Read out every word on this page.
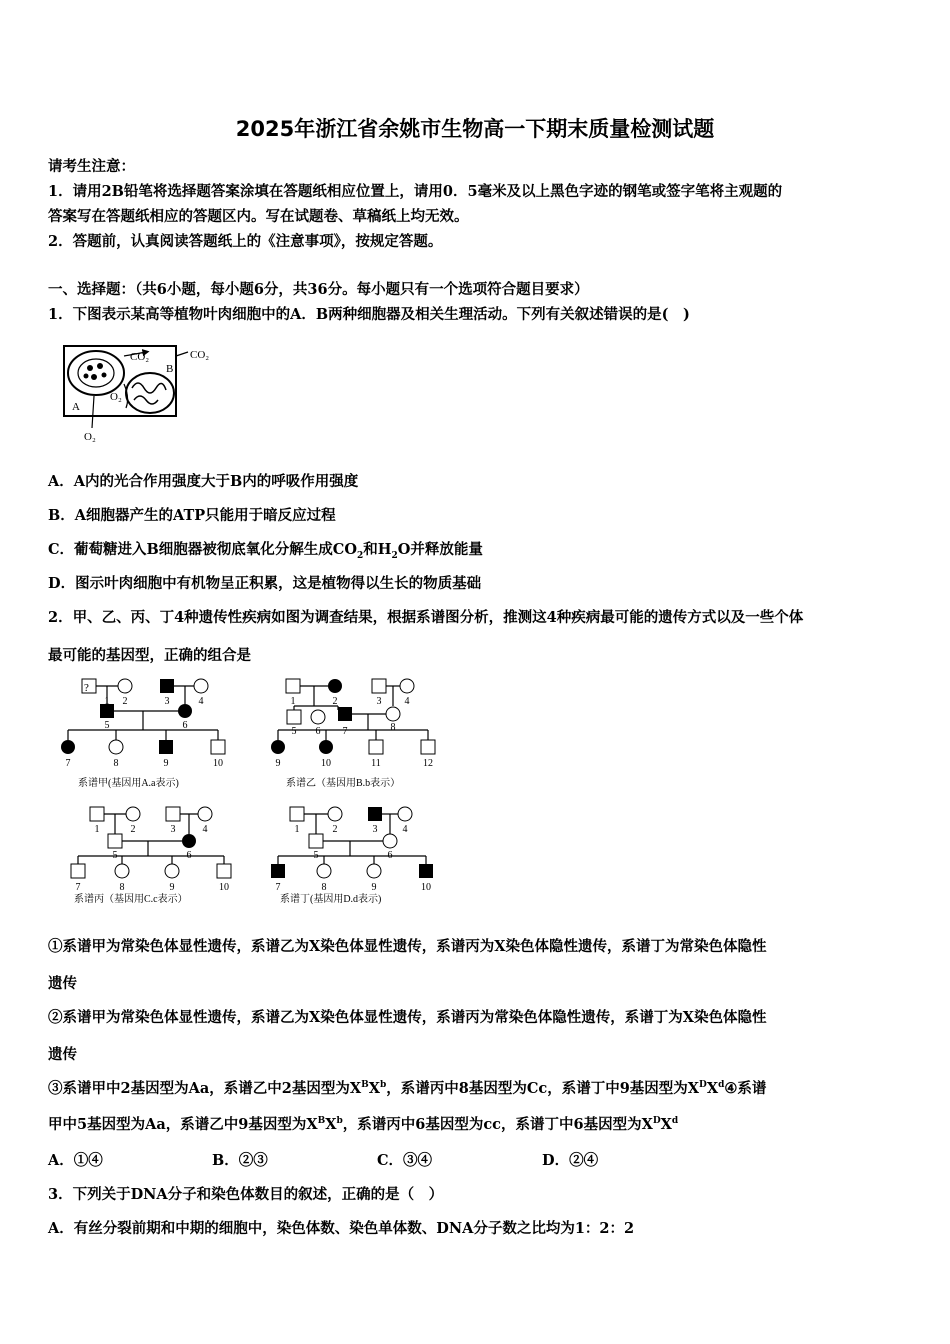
2025年浙江省余姚市生物高一下期末质量检测试题
请考生注意：
1．请用2B铅笔将选择题答案涂填在答题纸相应位置上，请用0．5毫米及以上黑色字迹的钢笔或签字笔将主观题的
答案写在答题纸相应的答题区内。写在试题卷、草稿纸上均无效。
2．答题前，认真阅读答题纸上的《注意事项》，按规定答题。
一、选择题：（共6小题，每小题6分，共36分。每小题只有一个选项符合题目要求）
1．下图表示某高等植物叶肉细胞中的A．B两种细胞器及相关生理活动。下列有关叙述错误的是(　)
CO₂	CO₂
B
A
O₂
O₂
A．A内的光合作用强度大于B内的呼吸作用强度
B．A细胞器产生的ATP只能用于暗反应过程
C．葡萄糖进入B细胞器被彻底氧化分解生成$CO_2$和$H_2O$并释放能量
D．图示叶肉细胞中有机物呈正积累，这是植物得以生长的物质基础
2．甲、乙、丙、丁4种遗传性疾病如图为调查结果，根据系谱图分析，推测这4种疾病最可能的遗传方式以及一些个体
最可能的基因型，正确的组合是
?
1 2	3	4
5	6
7	8	9	10
1	2	3 4
5 6 7	8
9	10	11	12
1	2	3	4
5	6
7	8	9	10
1	2	3	4
5	6
7	8	9	10
系谱甲(基因用A.a表示)	系谱乙（基因用B.b表示）
系谱丙（基因用C.c表示）	系谱丁(基因用D.d表示)
①系谱甲为常染色体显性遗传，系谱乙为X染色体显性遗传，系谱丙为X染色体隐性遗传，系谱丁为常染色体隐性
遗传
②系谱甲为常染色体显性遗传，系谱乙为X染色体显性遗传，系谱丙为常染色体隐性遗传，系谱丁为X染色体隐性
遗传
③系谱甲中2基因型为Aa，系谱乙中2基因型为$X^BX^b$，系谱丙中8基因型为Cc，系谱丁中9基因型为$X^DX^d④$系谱
甲中5基因型为Aa，系谱乙中9基因型为$X^BX^b$，系谱丙中6基因型为cc，系谱丁中6基因型为$X^DX^d$
A．①④	B．②③	C．③④	D．②④
3．下列关于DNA分子和染色体数目的叙述，正确的是（　）
A．有丝分裂前期和中期的细胞中，染色体数、染色单体数、DNA分子数之比均为1：2：2
